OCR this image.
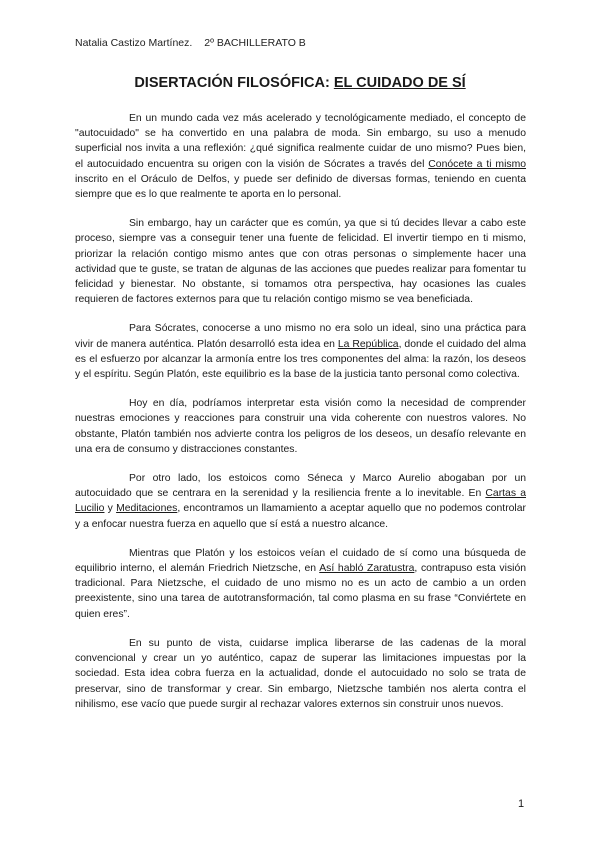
Natalia Castizo Martínez. 2º BACHILLERATO B
DISERTACIÓN FILOSÓFICA: EL CUIDADO DE SÍ

En un mundo cada vez más acelerado y tecnológicamente mediado, el concepto de "autocuidado" se ha convertido en una palabra de moda. Sin embargo, su uso a menudo superficial nos invita a una reflexión: ¿qué significa realmente cuidar de uno mismo? Pues bien, el autocuidado encuentra su origen con la visión de Sócrates a través del Conócete a ti mismo inscrito en el Oráculo de Delfos, y puede ser definido de diversas formas, teniendo en cuenta siempre que es lo que realmente te aporta en lo personal.

Sin embargo, hay un carácter que es común, ya que si tú decides llevar a cabo este proceso, siempre vas a conseguir tener una fuente de felicidad. El invertir tiempo en ti mismo, priorizar la relación contigo mismo antes que con otras personas o simplemente hacer una actividad que te guste, se tratan de algunas de las acciones que puedes realizar para fomentar tu felicidad y bienestar. No obstante, si tomamos otra perspectiva, hay ocasiones las cuales requieren de factores externos para que tu relación contigo mismo se vea beneficiada.

Para Sócrates, conocerse a uno mismo no era solo un ideal, sino una práctica para vivir de manera auténtica. Platón desarrolló esta idea en La República, donde el cuidado del alma es el esfuerzo por alcanzar la armonía entre los tres componentes del alma: la razón, los deseos y el espíritu. Según Platón, este equilibrio es la base de la justicia tanto personal como colectiva.

Hoy en día, podríamos interpretar esta visión como la necesidad de comprender nuestras emociones y reacciones para construir una vida coherente con nuestros valores. No obstante, Platón también nos advierte contra los peligros de los deseos, un desafío relevante en una era de consumo y distracciones constantes.

Por otro lado, los estoicos como Séneca y Marco Aurelio abogaban por un autocuidado que se centrara en la serenidad y la resiliencia frente a lo inevitable. En Cartas a Lucilio y Meditaciones, encontramos un llamamiento a aceptar aquello que no podemos controlar y a enfocar nuestra fuerza en aquello que sí está a nuestro alcance.

Mientras que Platón y los estoicos veían el cuidado de sí como una búsqueda de equilibrio interno, el alemán Friedrich Nietzsche, en Así habló Zaratustra, contrapuso esta visión tradicional. Para Nietzsche, el cuidado de uno mismo no es un acto de cambio a un orden preexistente, sino una tarea de autotransformación, tal como plasma en su frase “Conviértete en quien eres”.

En su punto de vista, cuidarse implica liberarse de las cadenas de la moral convencional y crear un yo auténtico, capaz de superar las limitaciones impuestas por la sociedad. Esta idea cobra fuerza en la actualidad, donde el autocuidado no solo se trata de preservar, sino de transformar y crear. Sin embargo, Nietzsche también nos alerta contra el nihilismo, ese vacío que puede surgir al rechazar valores externos sin construir unos nuevos.

1
